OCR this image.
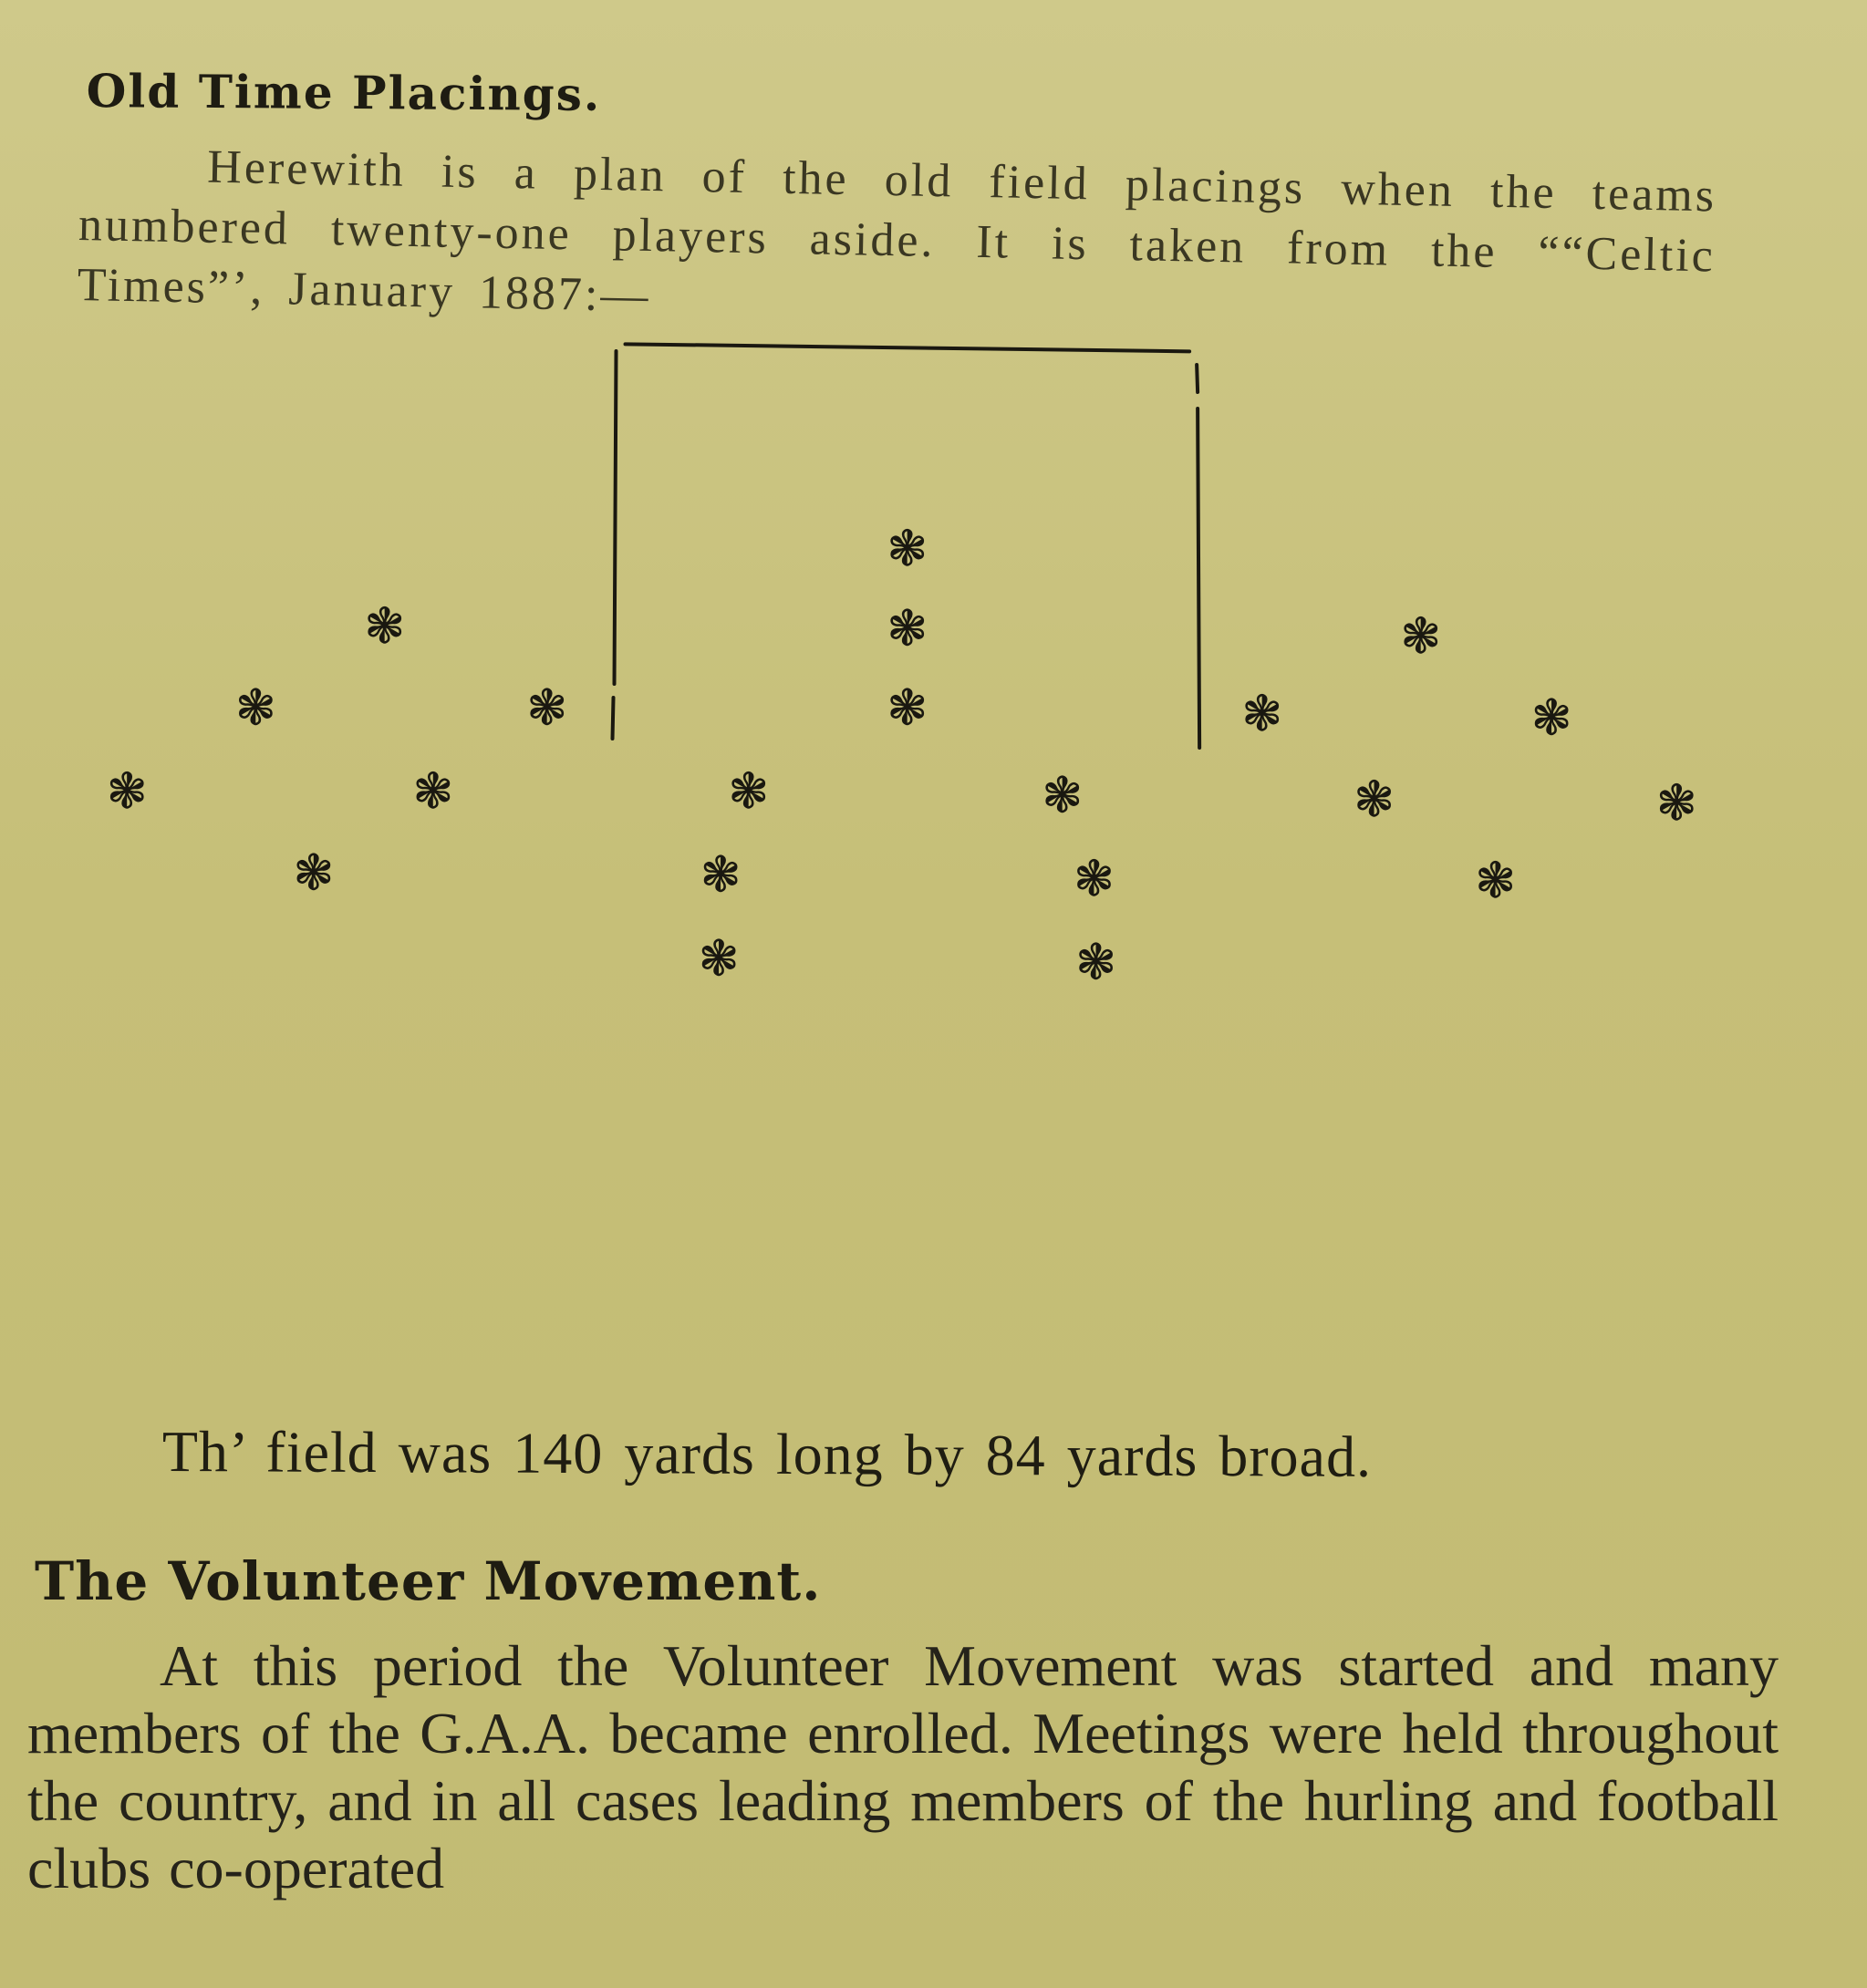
Old Time Placings.

Herewith is a plan of the old field placings when the teams numbered twenty-one players aside. It is taken from the ““Celtic Times”’, January 1887:—

❃
❃	❃	❃
❃	❃	❃	❃	❃
❃	❃	❃	❃	❃	❃
❃	❃	❃	❃
❃	❃

Th’ field was 140 yards long by 84 yards broad.

The Volunteer Movement.

At this period the Volunteer Movement was started and many members of the G.A.A. became enrolled. Meetings were held throughout the country, and in all cases leading members of the hurling and football clubs co-operated
